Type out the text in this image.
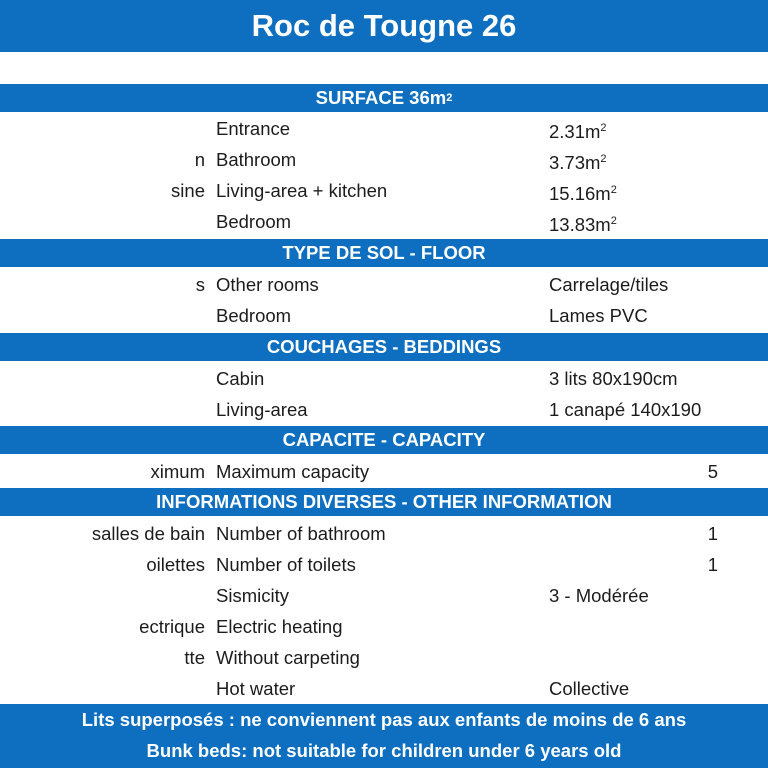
Roc de Tougne 26
SURFACE 36m 2
Entrance	$2.31m^2$
n Bathroom	$3.73m^2$
sine Living-area + kitchen	$15.16m^2$
Bedroom	$13.83m^2$
TYPE DE SOL - FLOOR
s Other rooms	Carrelage/tiles
Bedroom	Lames PVC
COUCHAGES - BEDDINGS
Cabin	3 lits 80x190cm
Living-area	1 canapé 140x190
CAPACITE - CAPACITY
ximum Maximum capacity	5
INFORMATIONS DIVERSES - OTHER INFORMATION
salles de bain Number of bathroom	1
oilettes Number of toilets	1
Sismicity	3 - Modérée
ectrique Electric heating
tte Without carpeting
Hot water	Collective
Lits superposés : ne conviennent pas aux enfants de moins de 6 ans
Bunk beds: not suitable for children under 6 years old
